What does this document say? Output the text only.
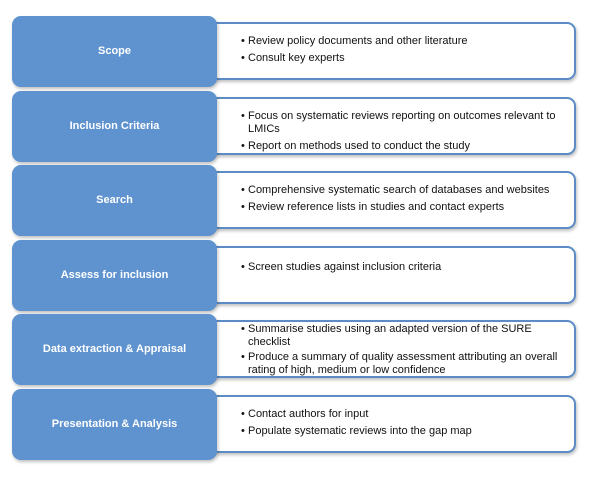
Scope
• Review policy documents and other literature
• Consult key experts
Inclusion Criteria
• Focus on systematic reviews reporting on outcomes relevant to LMICs
• Report on methods used to conduct the study
Search
• Comprehensive systematic search of databases and websites
• Review reference lists in studies and contact experts
Assess for inclusion
• Screen studies against inclusion criteria
Data extraction & Appraisal
• Summarise studies using an adapted version of the SURE checklist
• Produce a summary of quality assessment attributing an overall rating of high, medium or low confidence
Presentation & Analysis
• Contact authors for input
• Populate systematic reviews into the gap map
